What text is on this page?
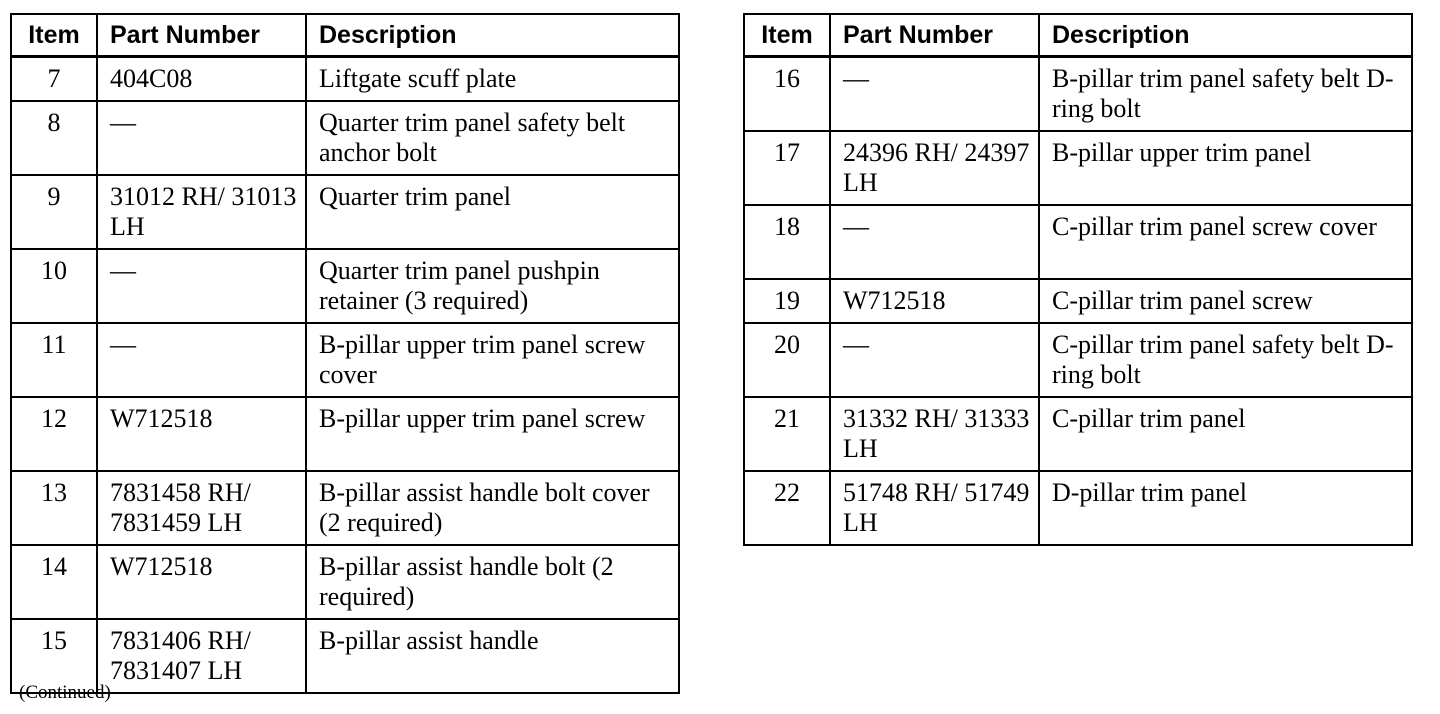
Item	Part Number	Description
7	404C08	Liftgate scuff plate
8	—	Quarter trim panel safety belt anchor bolt
9	31012 RH/ 31013 LH	Quarter trim panel
10	—	Quarter trim panel pushpin retainer (3 required)
11	—	B-pillar upper trim panel screw cover
12	W712518	B-pillar upper trim panel screw
13	7831458 RH/ 7831459 LH	B-pillar assist handle bolt cover (2 required)
14	W712518	B-pillar assist handle bolt (2 required)
15	7831406 RH/ 7831407 LH	B-pillar assist handle
Item	Part Number	Description
16	—	B-pillar trim panel safety belt D-ring bolt
17	24396 RH/ 24397 LH	B-pillar upper trim panel
18	—	C-pillar trim panel screw cover
19	W712518	C-pillar trim panel screw
20	—	C-pillar trim panel safety belt D-ring bolt
21	31332 RH/ 31333 LH	C-pillar trim panel
22	51748 RH/ 51749 LH	D-pillar trim panel
(Continued)
